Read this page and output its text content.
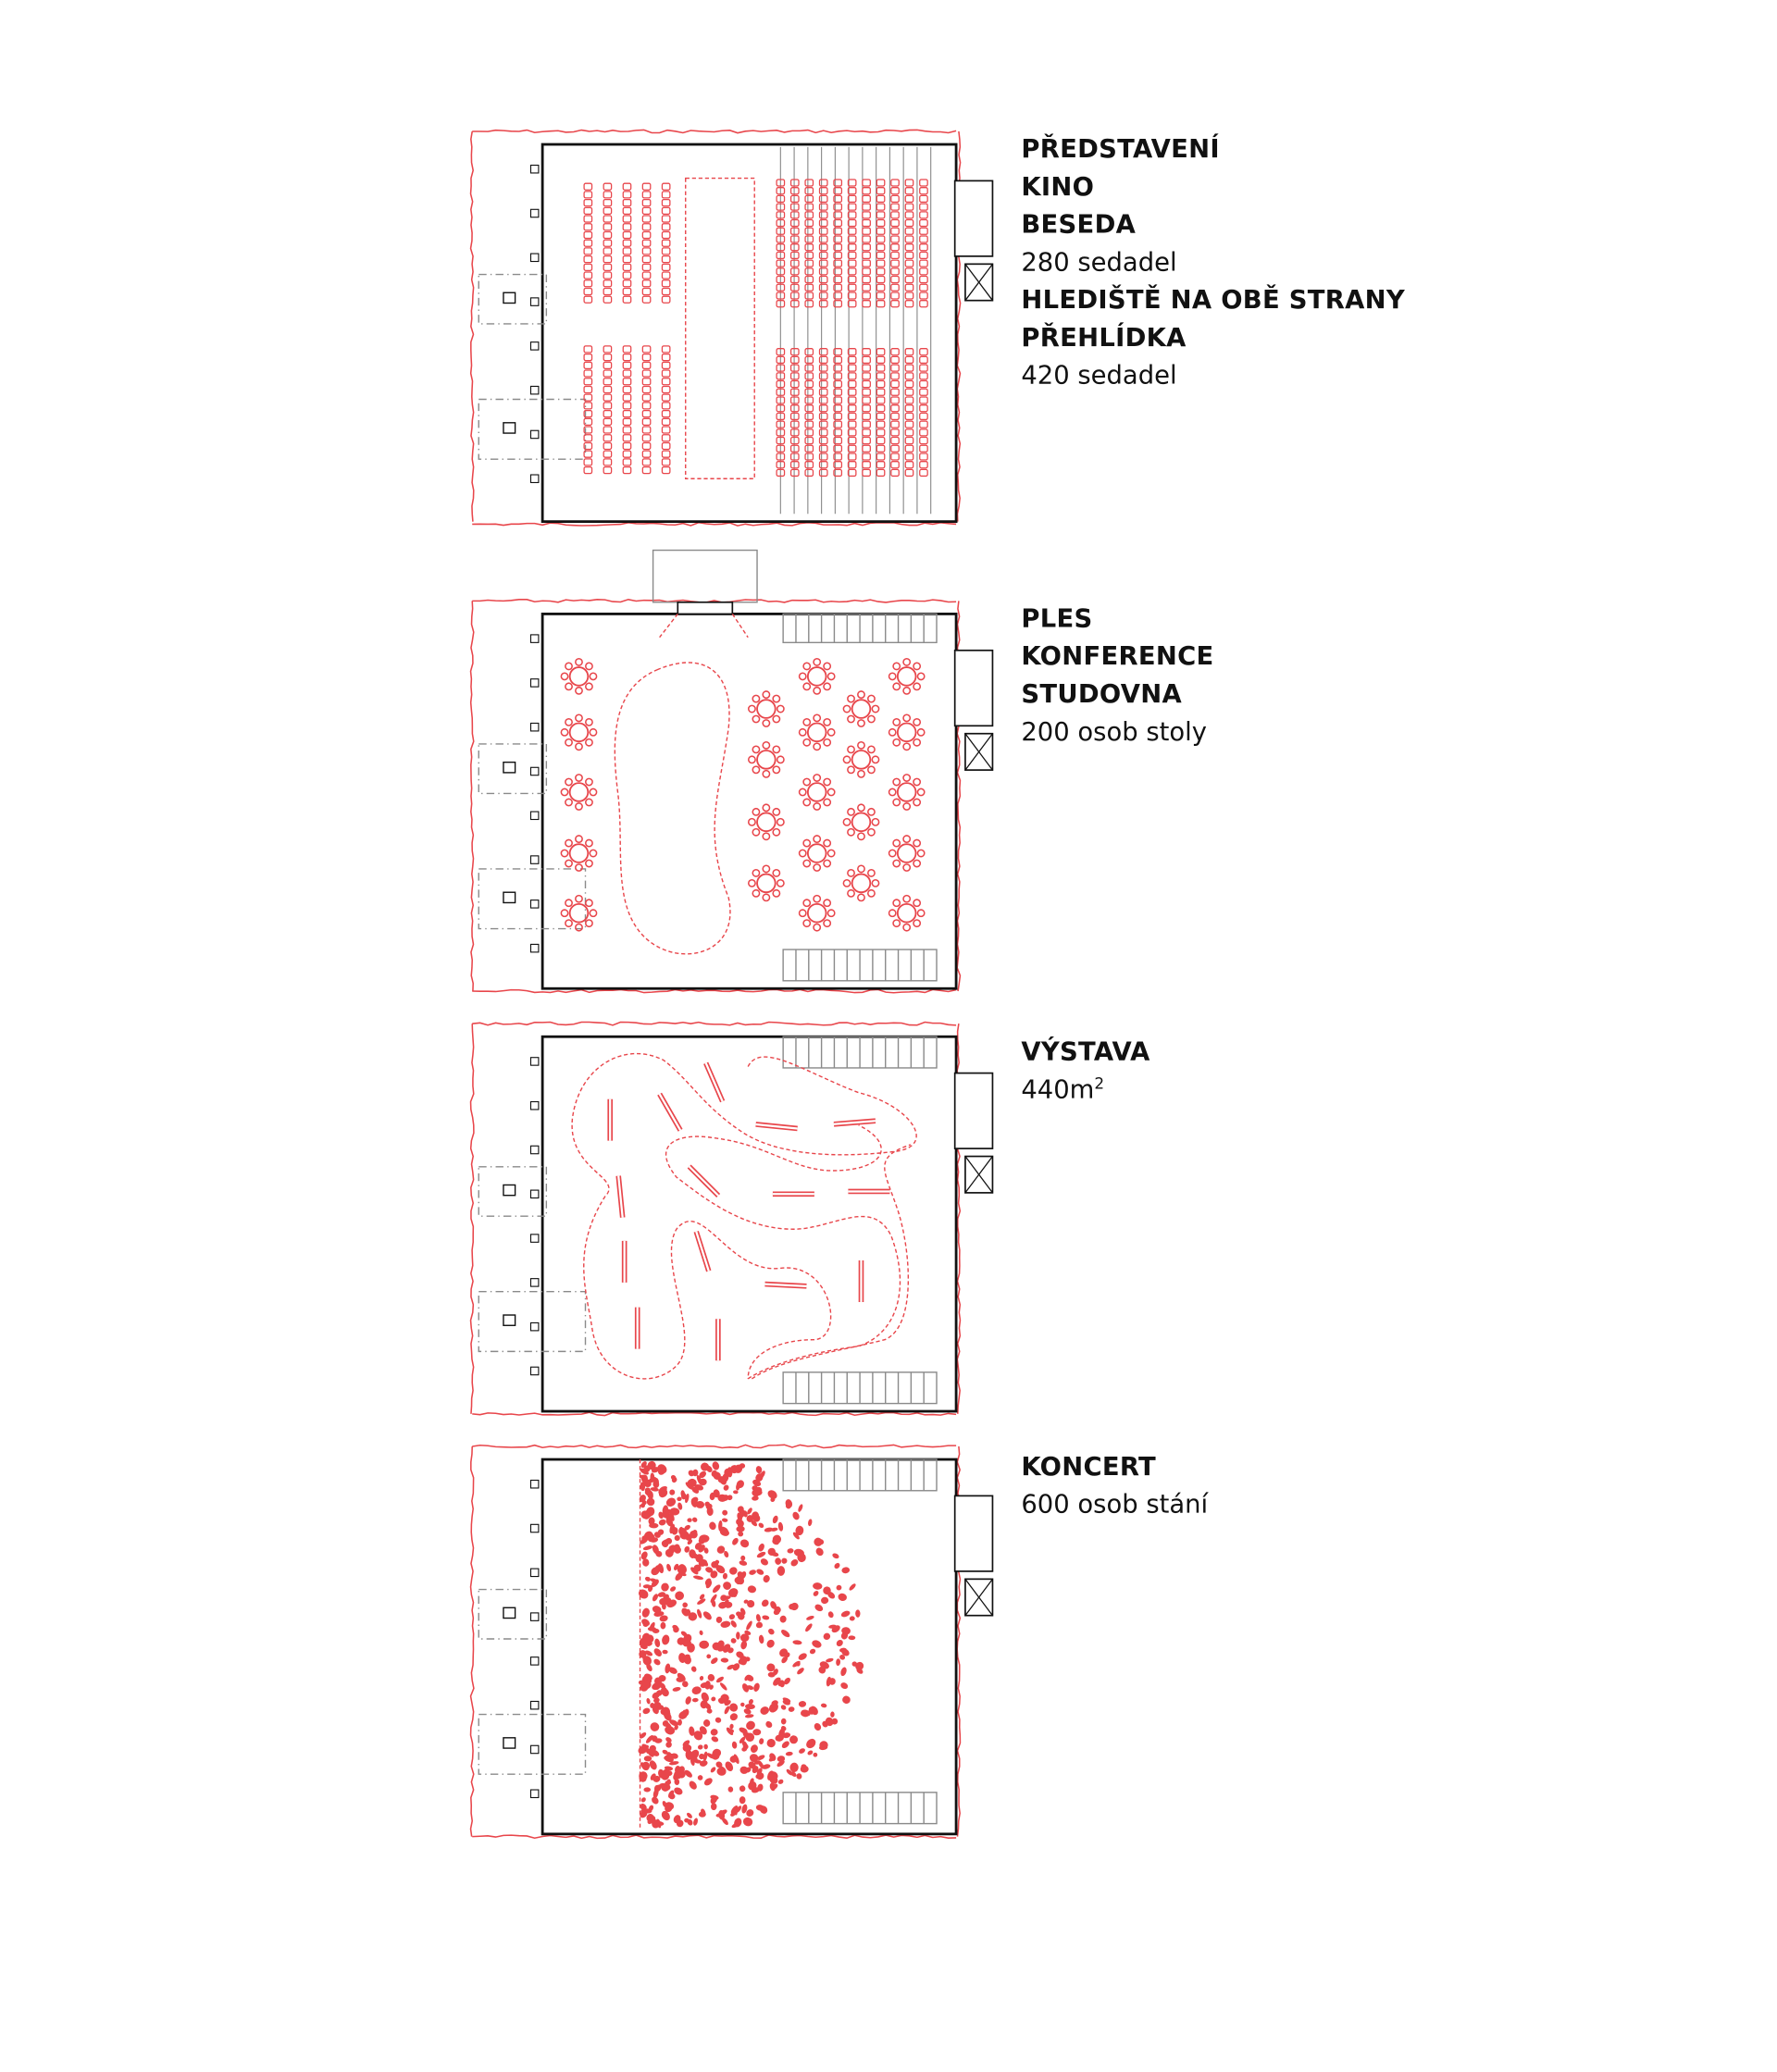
PŘEDSTAVENÍ
KINO
BESEDA
280 sedadel
HLEDIŠTĚ NA OBĚ STRANY
PŘEHLÍDKA
420 sedadel
PLES
KONFERENCE
STUDOVNA
200 osob stoly
VÝSTAVA
$440m^2$
KONCERT
600 osob stání
